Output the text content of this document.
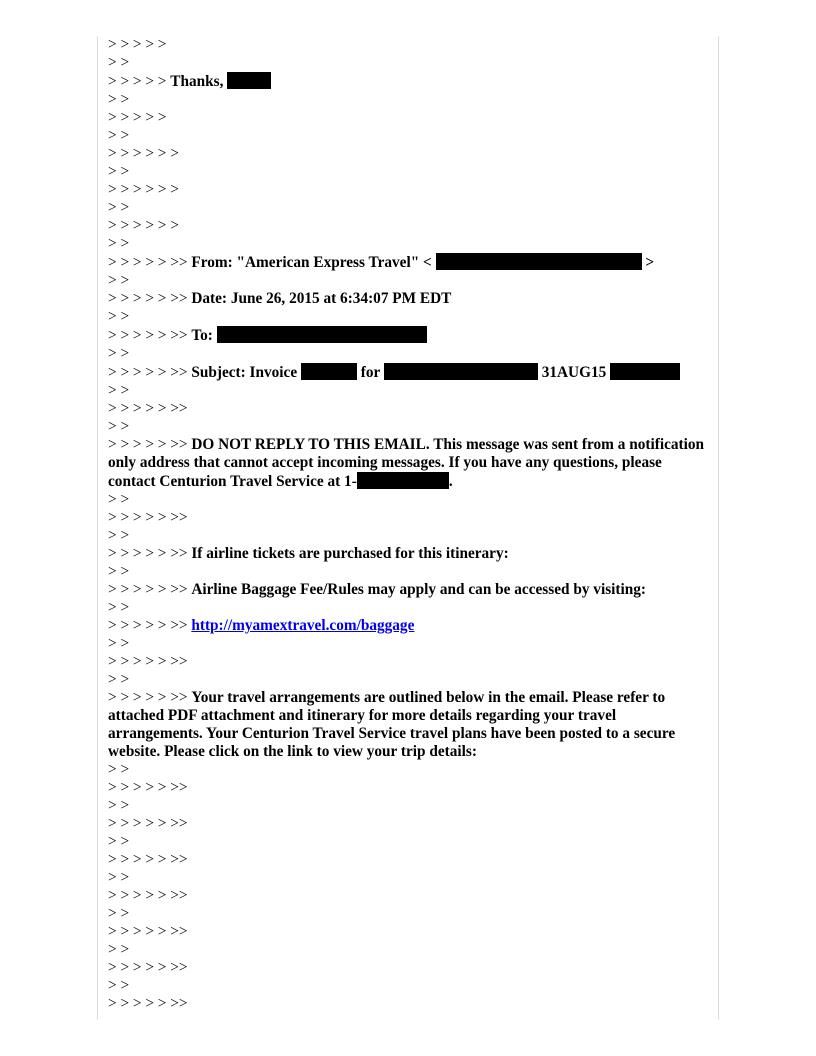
> > > > >
> >
> > > > > Thanks,
> >
> > > > >
> >
> > > > > >
> >
> > > > > >
> >
> > > > > >
> >
> > > > > >> From: "American Express Travel" <	>
> >
> > > > > >> Date: June 26, 2015 at 6:34:07 PM EDT
> >
> > > > > >> To:
> >
> > > > > >> Subject: Invoice	for	31AUG15
> >
> > > > > >>
> >
> > > > > >> DO NOT REPLY TO THIS EMAIL. This message was sent from a notification only address that cannot accept incoming messages. If you have any questions, please contact Centurion Travel Service at 1-	.
> >
> > > > > >>
> >
> > > > > >> If airline tickets are purchased for this itinerary:
> >
> > > > > >> Airline Baggage Fee/Rules may apply and can be accessed by visiting:
> >
> > > > > >> http://myamextravel.com/baggage
> >
> > > > > >>
> >
> > > > > >> Your travel arrangements are outlined below in the email. Please refer to attached PDF attachment and itinerary for more details regarding your travel arrangements. Your Centurion Travel Service travel plans have been posted to a secure website. Please click on the link to view your trip details:
> >
> > > > > >>
> >
> > > > > >>
> >
> > > > > >>
> >
> > > > > >>
> >
> > > > > >>
> >
> > > > > >>
> >
> > > > > >>
